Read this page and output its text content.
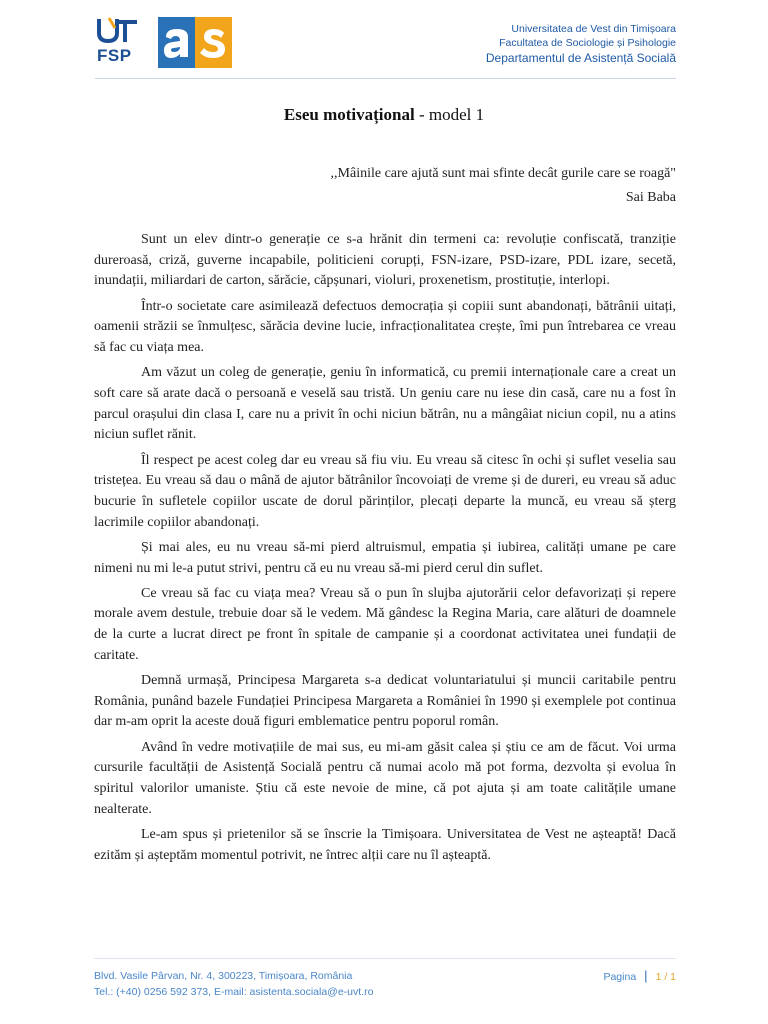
FSP
Universitatea de Vest din Timișoara
Facultatea de Sociologie și Psihologie
Departamentul de Asistență Socială
Eseu motivațional - model 1
,,Mâinile care ajută sunt mai sfinte decât gurile care se roagă"
Sai Baba

Sunt un elev dintr-o generație ce s-a hrănit din termeni ca: revoluție confiscată, tranziție dureroasă, criză, guverne incapabile, politicieni corupți, FSN-izare, PSD-izare, PDL izare, secetă, inundații, miliardari de carton, sărăcie, căpșunari, violuri, proxenetism, prostituție, interlopi.

Într-o societate care asimilează defectuos democrația și copiii sunt abandonați, bătrânii uitați, oamenii străzii se înmulțesc, sărăcia devine lucie, infracționalitatea crește, îmi pun întrebarea ce vreau să fac cu viața mea.

Am văzut un coleg de generație, geniu în informatică, cu premii internaționale care a creat un soft care să arate dacă o persoană e veselă sau tristă. Un geniu care nu iese din casă, care nu a fost în parcul orașului din clasa I, care nu a privit în ochi niciun bătrân, nu a mângâiat niciun copil, nu a atins niciun suflet rănit.

Îl respect pe acest coleg dar eu vreau să fiu viu. Eu vreau să citesc în ochi și suflet veselia sau tristețea. Eu vreau să dau o mână de ajutor bătrânilor încovoiați de vreme și de dureri, eu vreau să aduc bucurie în sufletele copiilor uscate de dorul părinților, plecați departe la muncă, eu vreau să șterg lacrimile copiilor abandonați.

Și mai ales, eu nu vreau să-mi pierd altruismul, empatia și iubirea, calități umane pe care nimeni nu mi le-a putut strivi, pentru că eu nu vreau să-mi pierd cerul din suflet.

Ce vreau să fac cu viața mea? Vreau să o pun în slujba ajutorării celor defavorizați și repere morale avem destule, trebuie doar să le vedem. Mă gândesc la Regina Maria, care alături de doamnele de la curte a lucrat direct pe front în spitale de campanie și a coordonat activitatea unei fundații de caritate.

Demnă urmașă, Principesa Margareta s-a dedicat voluntariatului și muncii caritabile pentru România, punând bazele Fundației Principesa Margareta a României în 1990 și exemplele pot continua dar m-am oprit la aceste două figuri emblematice pentru poporul român.

Având în vedre motivațiile de mai sus, eu mi-am găsit calea și știu ce am de făcut. Voi urma cursurile facultății de Asistență Socială pentru că numai acolo mă pot forma, dezvolta și evolua în spiritul valorilor umaniste. Știu că este nevoie de mine, că pot ajuta și am toate calitățile umane nealterate.

Le-am spus și prietenilor să se înscrie la Timișoara. Universitatea de Vest ne așteaptă! Dacă ezităm și așteptăm momentul potrivit, ne întrec alții care nu îl așteaptă.

Blvd. Vasile Pârvan, Nr. 4, 300223, Timișoara, România
Tel.: (+40) 0256 592 373, E-mail: asistenta.sociala@e-uvt.ro
Pagina | 1 / 1
